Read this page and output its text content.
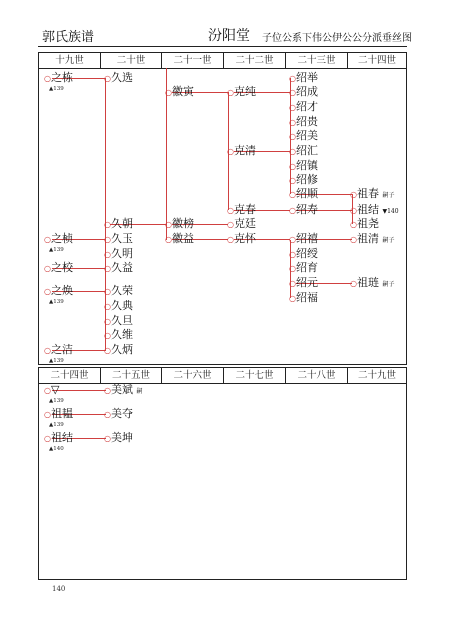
郭氏族谱	汾阳堂 子位公系下伟公伊公公分派垂丝图
十九世	二十世	二十一世	二十二世	二十三世	二十四世
○之栋
▲139
○之桢
▲139
○之校
○之焕
▲139
○之洁
▲139
○久选
○久朝
○久玉
○久明
○久益
○久荣
○久典
○久旦
○久维
○久炳
○徽寅
○徽榜
○徽益
○克纯
○克清
○克春
○克廷
○克怀
○绍举
○绍成
○绍才
○绍贵
○绍美
○绍汇
○绍镇
○绍修
○绍顺
○绍寿
○绍禧
○绍绶
○绍育
○绍元
○绍福
○祖春 嗣子
○祖结 ▼140
○祖尧
○祖清 嗣子
○祖琏 嗣子
二十四世	二十五世	二十六世	二十七世	二十八世	二十九世
○▽
▲139
○祖韫
▲139
○祖结
▲140
○美斌 嗣
○美夺
○美坤
140
